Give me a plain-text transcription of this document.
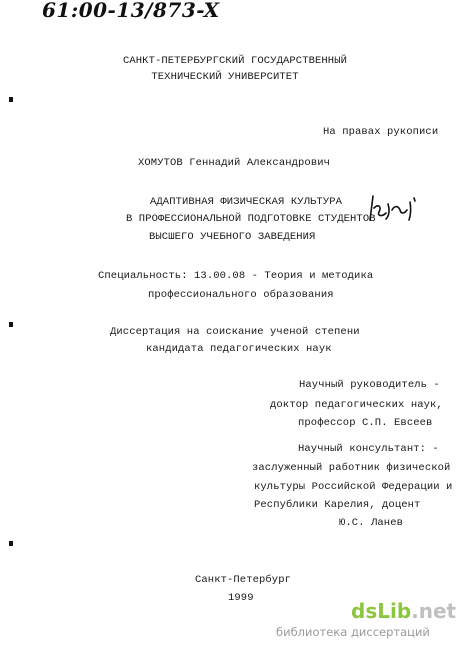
61:00-13/873-X
САНКТ-ПЕТЕРБУРГСКИЙ ГОСУДАРСТВЕННЫЙ
ТЕХНИЧЕСКИЙ УНИВЕРСИТЕТ
На правах рукописи
ХОМУТОВ Геннадий Александрович
АДАПТИВНАЯ ФИЗИЧЕСКАЯ КУЛЬТУРА
В ПРОФЕССИОНАЛЬНОЙ ПОДГОТОВКЕ СТУДЕНТОВ
ВЫСШЕГО УЧЕБНОГО ЗАВЕДЕНИЯ
Специальность: 13.00.08 - Теория и методика
профессионального образования
Диссертация на соискание ученой степени
кандидата педагогических наук
Научный руководитель -
доктор педагогических наук,
профессор С.П. Евсеев
Научный консультант: -
заслуженный работник физической
культуры Российской Федерации и
Республики Карелия, доцент
Ю.С. Ланев
Санкт-Петербург
1999
dsLib.net
библиотека диссертаций
